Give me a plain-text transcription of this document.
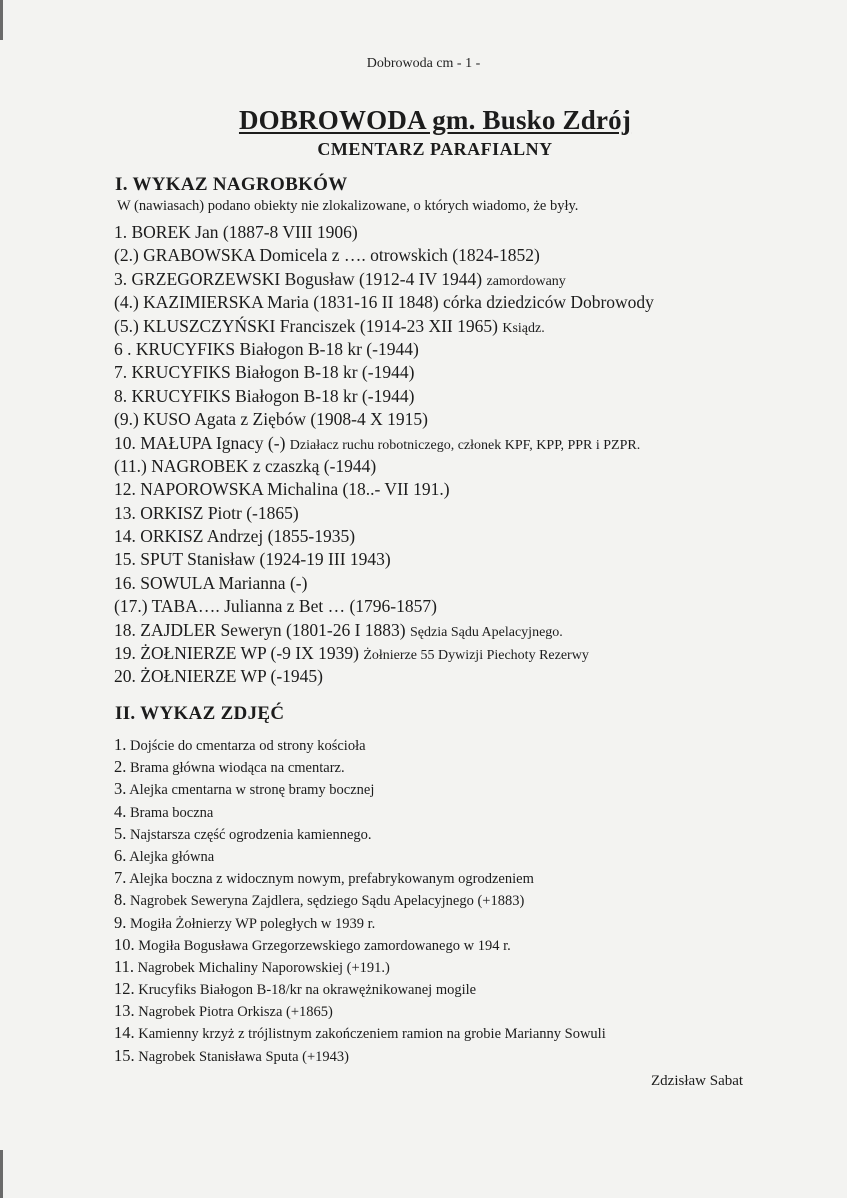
Dobrowoda cm - 1 -
DOBROWODA gm. Busko Zdrój
CMENTARZ PARAFIALNY
I. WYKAZ NAGROBKÓW
W (nawiasach) podano obiekty nie zlokalizowane, o których wiadomo, że były.
1. BOREK Jan (1887-8 VIII 1906)
(2.) GRABOWSKA Domicela z …. otrowskich (1824-1852)
3. GRZEGORZEWSKI Bogusław (1912-4 IV 1944) zamordowany
(4.) KAZIMIERSKA Maria (1831-16 II 1848) córka dziedziców Dobrowody
(5.) KLUSZCZYŃSKI Franciszek (1914-23 XII 1965) Ksiądz.
6 . KRUCYFIKS Białogon B-18 kr (-1944)
7. KRUCYFIKS Białogon B-18 kr (-1944)
8. KRUCYFIKS Białogon B-18 kr (-1944)
(9.) KUSO Agata z Ziębów (1908-4 X 1915)
10. MAŁUPA Ignacy (-) Działacz ruchu robotniczego, członek KPF, KPP, PPR i PZPR.
(11.) NAGROBEK z czaszką (-1944)
12. NAPOROWSKA Michalina (18..- VII 191.)
13. ORKISZ Piotr (-1865)
14. ORKISZ Andrzej (1855-1935)
15. SPUT Stanisław (1924-19 III 1943)
16. SOWULA Marianna (-)
(17.) TABA…. Julianna z Bet … (1796-1857)
18. ZAJDLER Seweryn (1801-26 I 1883) Sędzia Sądu Apelacyjnego.
19. ŻOŁNIERZE WP (-9 IX 1939) Żołnierze 55 Dywizji Piechoty Rezerwy
20. ŻOŁNIERZE WP (-1945)
II. WYKAZ ZDJĘĆ
1. Dojście do cmentarza od strony kościoła
2. Brama główna wiodąca na cmentarz.
3. Alejka cmentarna w stronę bramy bocznej
4. Brama boczna
5. Najstarsza część ogrodzenia kamiennego.
6. Alejka główna
7. Alejka boczna z widocznym nowym, prefabrykowanym ogrodzeniem
8. Nagrobek Seweryna Zajdlera, sędziego Sądu Apelacyjnego (+1883)
9. Mogiła Żołnierzy WP poległych w 1939 r.
10. Mogiła Bogusława Grzegorzewskiego zamordowanego w 194 r.
11. Nagrobek Michaliny Naporowskiej (+191.)
12. Krucyfiks Białogon B-18/kr na okrawężnikowanej mogile
13. Nagrobek Piotra Orkisza (+1865)
14. Kamienny krzyż z trójlistnym zakończeniem ramion na grobie Marianny Sowuli
15. Nagrobek Stanisława Sputa (+1943)
Zdzisław Sabat
